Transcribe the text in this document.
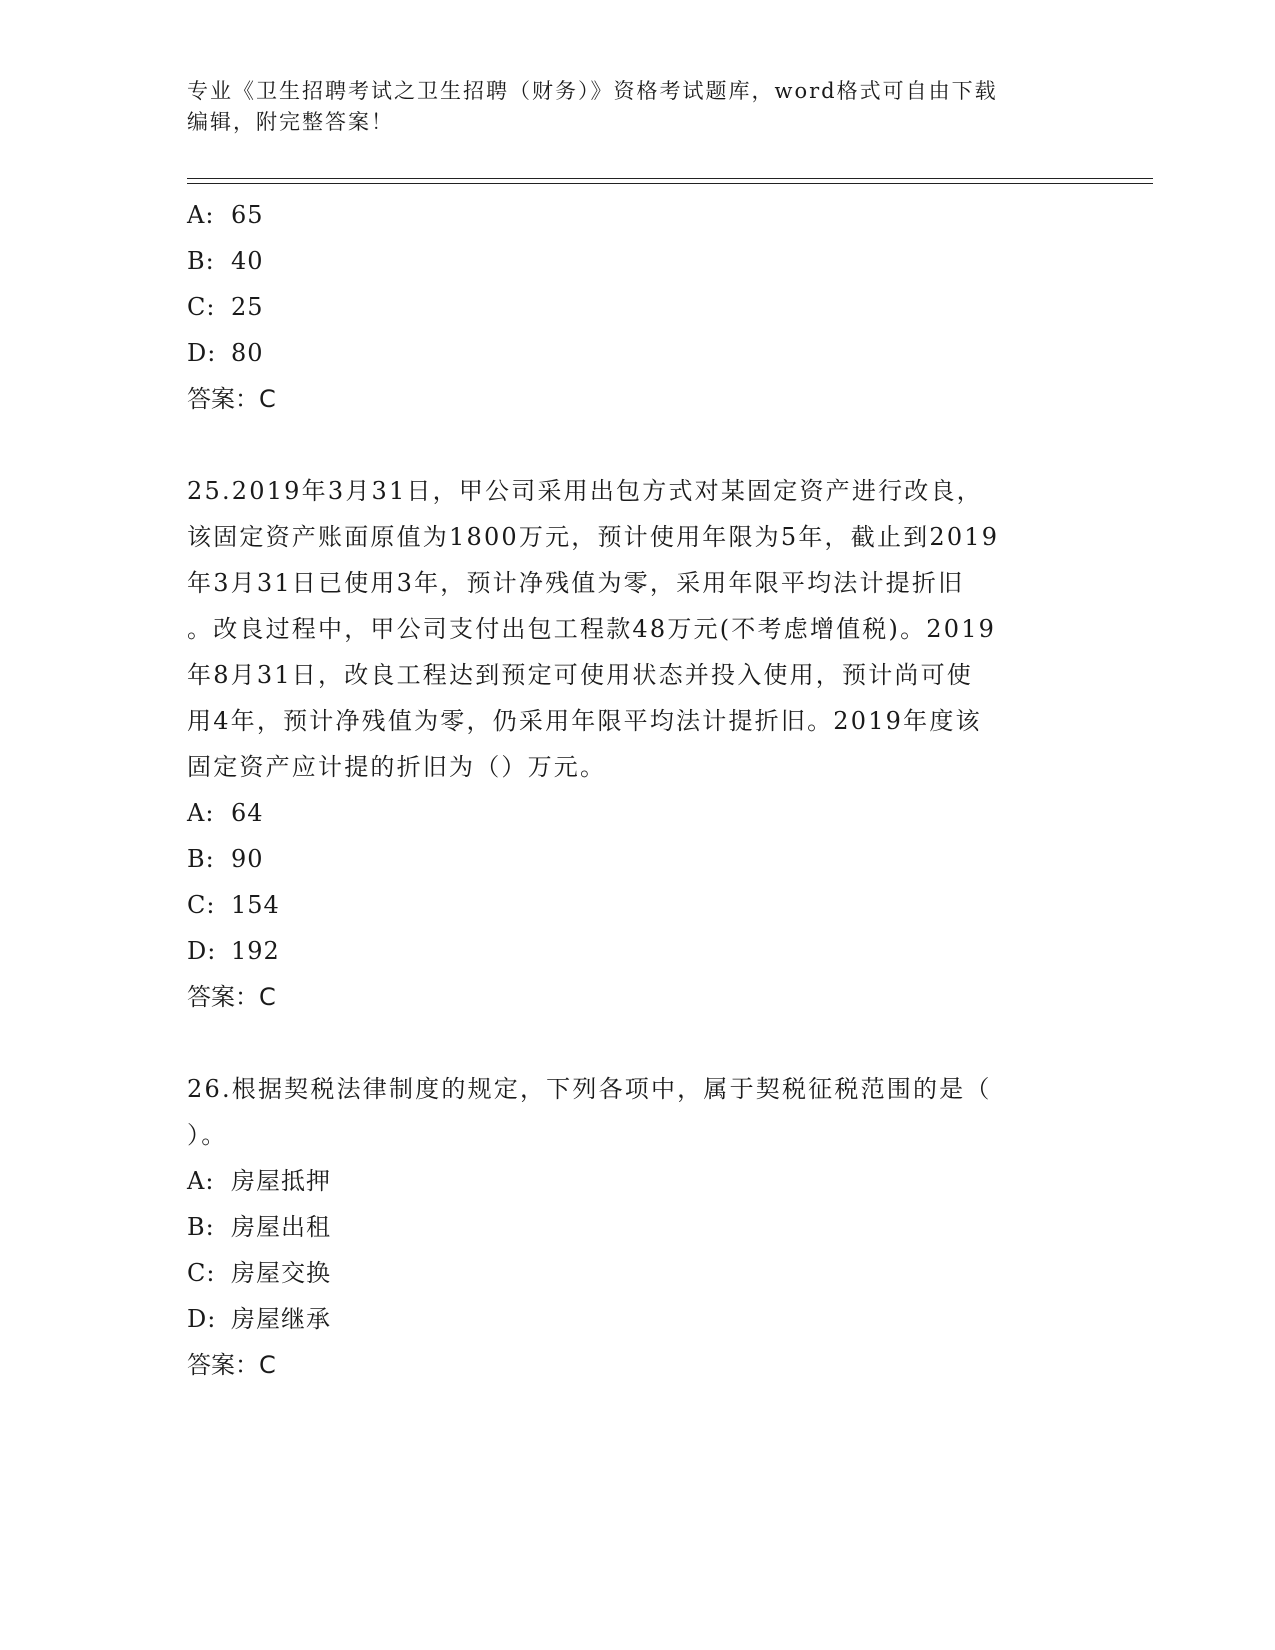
专业《卫生招聘考试之卫生招聘（财务）》资格考试题库，word格式可自由下载
编辑，附完整答案！
A: 65
B: 40
C: 25
D: 80
答案：C
25.2019年3月31日，甲公司采用出包方式对某固定资产进行改良，
该固定资产账面原值为1800万元，预计使用年限为5年，截止到2019
年3月31日已使用3年，预计净残值为零，采用年限平均法计提折旧
。改良过程中，甲公司支付出包工程款48万元(不考虑增值税)。2019
年8月31日，改良工程达到预定可使用状态并投入使用，预计尚可使
用4年，预计净残值为零，仍采用年限平均法计提折旧。2019年度该
固定资产应计提的折旧为（）万元。
A: 64
B: 90
C: 154
D: 192
答案：C
26.根据契税法律制度的规定，下列各项中，属于契税征税范围的是（
）。
A: 房屋抵押
B: 房屋出租
C: 房屋交换
D: 房屋继承
答案：C
